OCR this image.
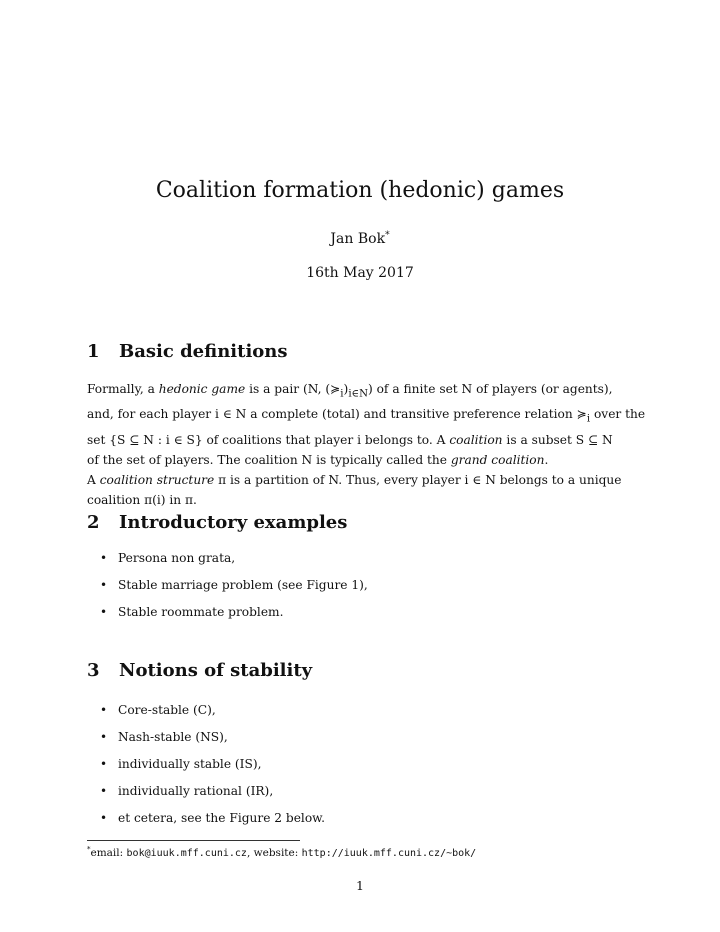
Coalition formation (hedonic) games
Jan Bok*
16th May 2017
1 Basic definitions
Formally, a hedonic game is a pair (N, $(≽_i)_{i\in N}$) of a finite set N of players (or agents),
and, for each player i ∈ N a complete (total) and transitive preference relation $≽_i$ over the
set {S ⊆ N : i ∈ S} of coalitions that player i belongs to. A coalition is a subset S ⊆ N
of the set of players. The coalition N is typically called the grand coalition.
A coalition structure π is a partition of N. Thus, every player i ∈ N belongs to a unique
coalition π(i) in π.
2 Introductory examples
• Persona non grata,
• Stable marriage problem (see Figure 1),
• Stable roommate problem.
3 Notions of stability
• Core-stable (C),
• Nash-stable (NS),
• individually stable (IS),
• individually rational (IR),
• et cetera, see the Figure 2 below.
*email: bok@iuuk.mff.cuni.cz, website: http://iuuk.mff.cuni.cz/~bok/
1
